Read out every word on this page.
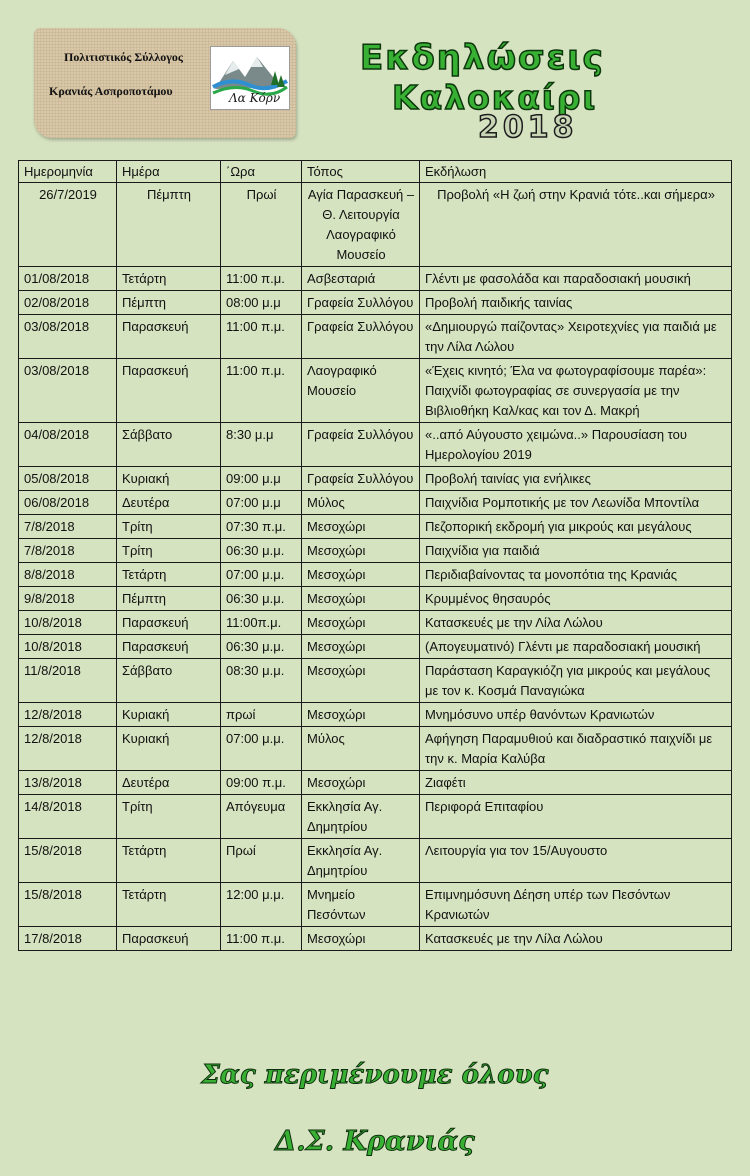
Πολιτιστικός Σύλλογος
Κρανιάς Ασπροποτάμου	Λα Κόρν
Εκδηλώσεις
Καλοκαίρι
2018
Ημερομηνία	Ημέρα	΄Ωρα	Τόπος	Εκδήλωση
26/7/2019	Πέμπτη	Πρωί	Αγία Παρασκευή – Θ. Λειτουργία Λαογραφικό Μουσείο	Προβολή «Η ζωή στην Κρανιά τότε..και σήμερα»
01/08/2018	Τετάρτη	11:00 π.μ.	Ασβεσταριά	Γλέντι με φασολάδα και παραδοσιακή μουσική
02/08/2018	Πέμπτη	08:00 μ.μ	Γραφεία Συλλόγου	Προβολή παιδικής ταινίας
03/08/2018	Παρασκευή	11:00 π.μ.	Γραφεία Συλλόγου	«Δημιουργώ παίζοντας» Χειροτεχνίες για παιδιά με την Λίλα Λώλου
03/08/2018	Παρασκευή	11:00 π.μ.	Λαογραφικό Μουσείο	«Έχεις κινητό; Έλα να φωτογραφίσουμε παρέα»: Παιχνίδι φωτογραφίας σε συνεργασία με την Βιβλιοθήκη Καλ/κας και τον Δ. Μακρή
04/08/2018	Σάββατο	8:30 μ.μ	Γραφεία Συλλόγου	«..από Αύγουστο χειμώνα..» Παρουσίαση του Ημερολογίου 2019
05/08/2018	Κυριακή	09:00 μ.μ	Γραφεία Συλλόγου	Προβολή ταινίας για ενήλικες
06/08/2018	Δευτέρα	07:00 μ.μ	Μύλος	Παιχνίδια Ρομποτικής με τον Λεωνίδα Μποντίλα
7/8/2018	Τρίτη	07:30 π.μ.	Μεσοχώρι	Πεζοπορική εκδρομή για μικρούς και μεγάλους
7/8/2018	Τρίτη	06:30 μ.μ.	Μεσοχώρι	Παιχνίδια για παιδιά
8/8/2018	Τετάρτη	07:00 μ.μ.	Μεσοχώρι	Περιδιαβαίνοντας τα μονοπότια της Κρανιάς
9/8/2018	Πέμπτη	06:30 μ.μ.	Μεσοχώρι	Κρυμμένος θησαυρός
10/8/2018	Παρασκευή	11:00π.μ.	Μεσοχώρι	Κατασκευές με την Λίλα Λώλου
10/8/2018	Παρασκευή	06:30 μ.μ.	Μεσοχώρι	(Απογευματινό) Γλέντι με παραδοσιακή μουσική
11/8/2018	Σάββατο	08:30 μ.μ.	Μεσοχώρι	Παράσταση Καραγκιόζη για μικρούς και μεγάλους με τον κ. Κοσμά Παναγιώκα
12/8/2018	Κυριακή	πρωί	Μεσοχώρι	Μνημόσυνο υπέρ θανόντων Κρανιωτών
12/8/2018	Κυριακή	07:00 μ.μ.	Μύλος	Αφήγηση Παραμυθιού και διαδραστικό παιχνίδι με την κ. Μαρία Καλύβα
13/8/2018	Δευτέρα	09:00 π.μ.	Μεσοχώρι	Ζιαφέτι
14/8/2018	Τρίτη	Απόγευμα	Εκκλησία Αγ. Δημητρίου	Περιφορά Επιταφίου
15/8/2018	Τετάρτη	Πρωί	Εκκλησία Αγ. Δημητρίου	Λειτουργία για τον 15/Αυγουστο
15/8/2018	Τετάρτη	12:00 μ.μ.	Μνημείο Πεσόντων	Επιμνημόσυνη Δέηση υπέρ των Πεσόντων Κρανιωτών
17/8/2018	Παρασκευή	11:00 π.μ.	Μεσοχώρι	Κατασκευές με την Λίλα Λώλου
Σας περιμένουμε όλους
Δ.Σ. Κρανιάς
